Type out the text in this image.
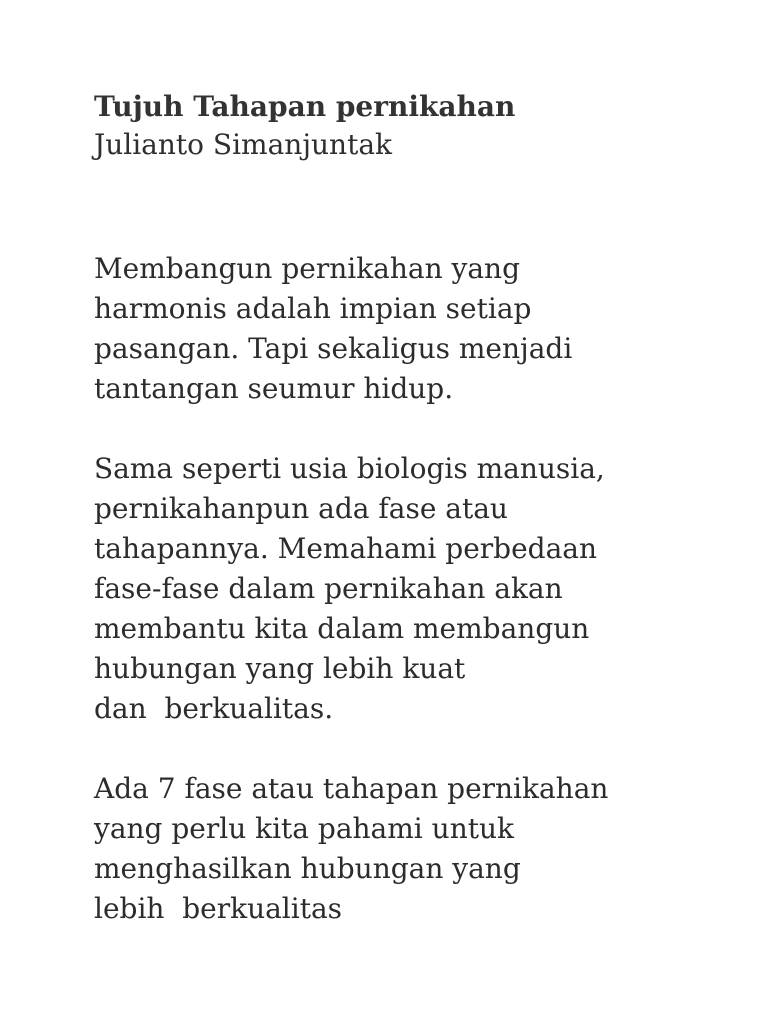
Tujuh Tahapan pernikahan

Julianto Simanjuntak

Membangun pernikahan yang
harmonis adalah impian setiap
pasangan. Tapi sekaligus menjadi
tantangan seumur hidup.
Sama seperti usia biologis manusia,
pernikahanpun ada fase atau
tahapannya. Memahami perbedaan
fase-fase dalam pernikahan akan
membantu kita dalam membangun
hubungan yang lebih kuat
dan  berkualitas.
Ada 7 fase atau tahapan pernikahan
yang perlu kita pahami untuk
menghasilkan hubungan yang
lebih  berkualitas
